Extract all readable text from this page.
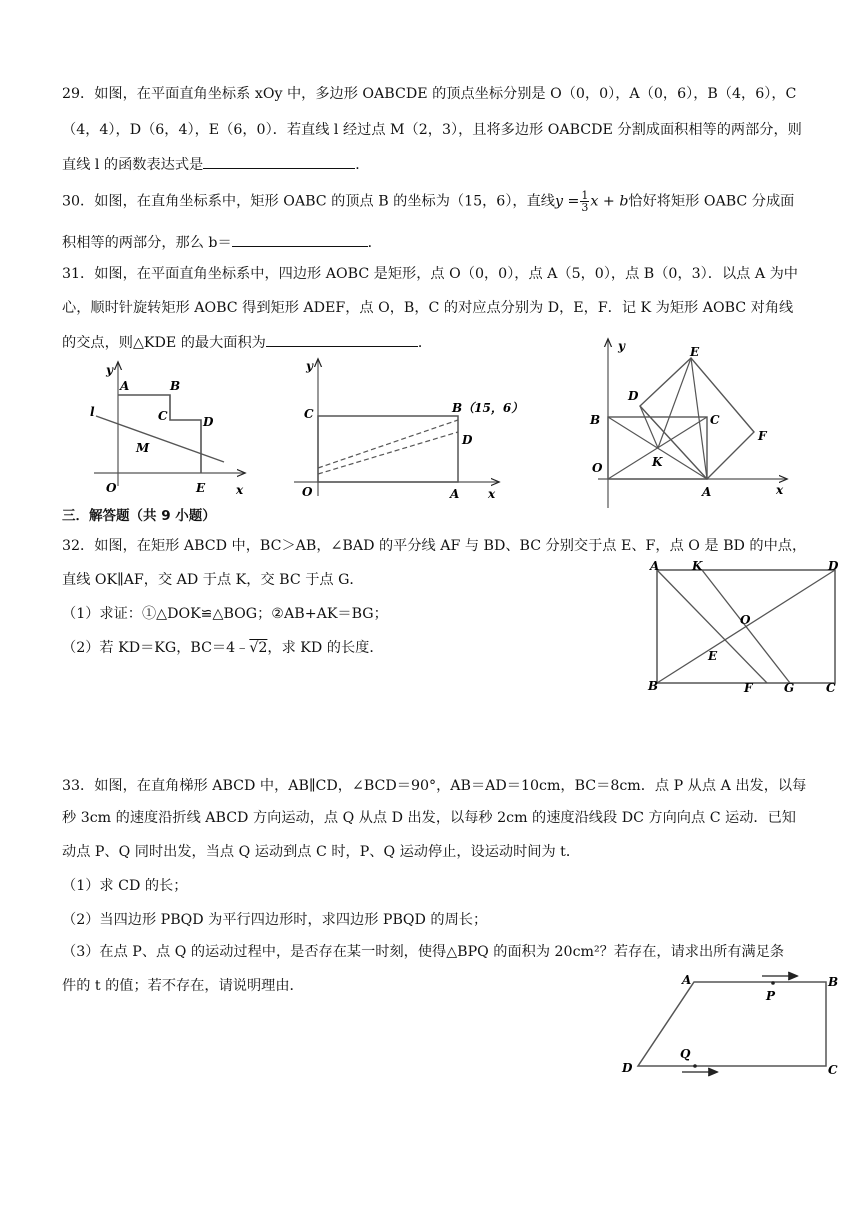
29．如图，在平面直角坐标系 xOy 中，多边形 OABCDE 的顶点坐标分别是 O（0，0），A（0，6），B（4，6），C
（4，4），D（6，4），E（6，0）．若直线 l 经过点 M（2，3），且将多边形 OABCDE 分割成面积相等的两部分，则
直线 l 的函数表达式是	．
30．如图，在直角坐标系中，矩形 OABC 的顶点 B 的坐标为（15，6），直线$y = \frac{1}{3}$ x + b恰好将矩形 OABC 分成面
积相等的两部分，那么 b＝	．
31．如图，在平面直角坐标系中，四边形 AOBC 是矩形，点 O（0，0），点 A（5，0），点 B（0，3）．以点 A 为中
心，顺时针旋转矩形 AOBC 得到矩形 ADEF，点 O，B，C 的对应点分别为 D，E，F．记 K 为矩形 AOBC 对角线
的交点，则△KDE 的最大面积为	．
y
A	B
C	D
l
M
O	E	x
y
C	B（15，6）
D
O	A x
y	E
D
B	C
F
K
O
A	x
三．解答题（共 9 小题）
32．如图，在矩形 ABCD 中，BC＞AB，∠BAD 的平分线 AF 与 BD、BC 分别交于点 E、F，点 O 是 BD 的中点，
直线 OK∥AF，交 AD 于点 K，交 BC 于点 G．
（1）求证：①△DOK≌△BOG；②AB+AK＝BG；
（2）若 KD＝KG，BC＝4﹣√2，求 KD 的长度．
A	K	D
O
E
B	F	G	C
33．如图，在直角梯形 ABCD 中，AB∥CD，∠BCD＝90°，AB＝AD＝10cm，BC＝8cm．点 P 从点 A 出发，以每
秒 3cm 的速度沿折线 ABCD 方向运动，点 Q 从点 D 出发，以每秒 2cm 的速度沿线段 DC 方向向点 C 运动．已知
动点 P、Q 同时出发，当点 Q 运动到点 C 时，P、Q 运动停止，设运动时间为 t．
（1）求 CD 的长；
（2）当四边形 PBQD 为平行四边形时，求四边形 PBQD 的周长；
（3）在点 P、点 Q 的运动过程中，是否存在某一时刻，使得△BPQ 的面积为 20cm²？若存在，请求出所有满足条
件的 t 的值；若不存在，请说明理由．	A
P
B
Q
D	C
